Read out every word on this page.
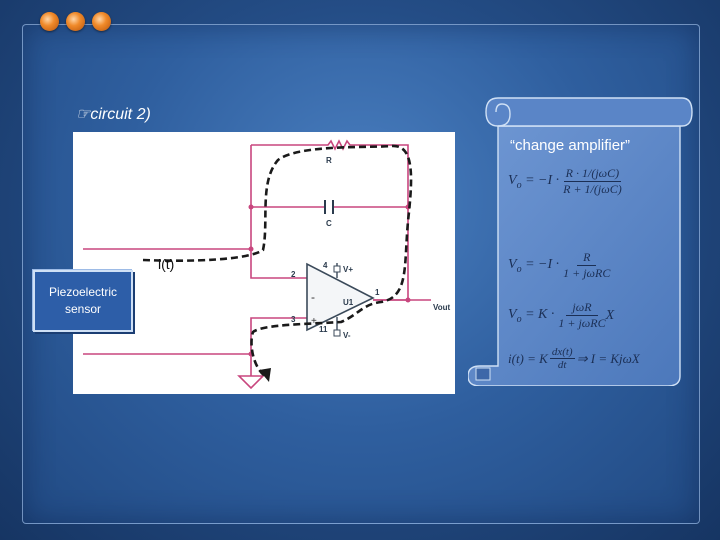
☞circuit 2)
-
+
R
C
2
4 V+
1
U1
3
11
V-
Vout
i(t)
Piezoelectric
sensor
“change amplifier”
$V_o = -I \cdot R \cdot 1/(j\omega C)$
R + 1/(jωC)
$V_o = -I$ ·	R
1 + jωRC
$V_o = K$ ·	jωR
1 + jωRC
X
i(t) = K dx(t)
dt ⇒ I = KjωX
